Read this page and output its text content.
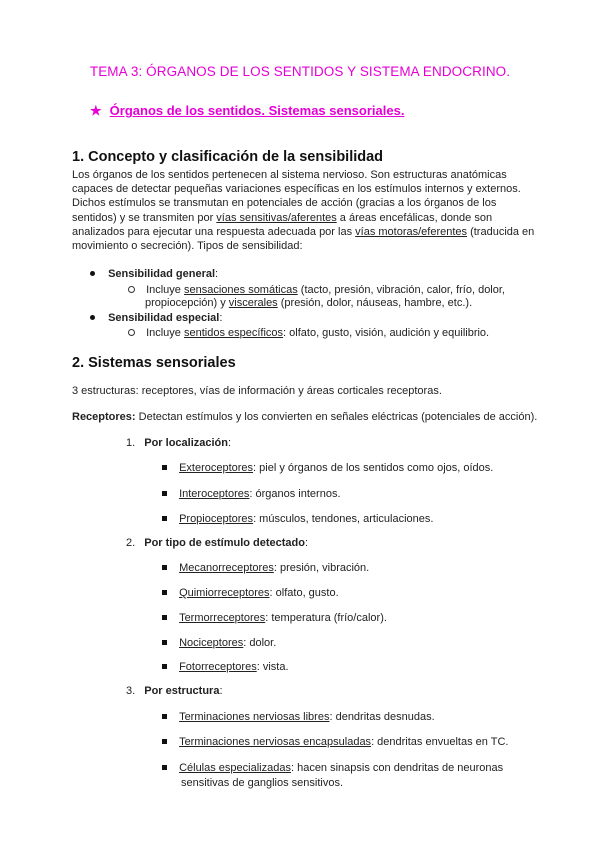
TEMA 3: ÓRGANOS DE LOS SENTIDOS Y SISTEMA ENDOCRINO.
★ Órganos de los sentidos. Sistemas sensoriales.
1. Concepto y clasificación de la sensibilidad
Los órganos de los sentidos pertenecen al sistema nervioso. Son estructuras anatómicas
capaces de detectar pequeñas variaciones específicas en los estímulos internos y externos.
Dichos estímulos se transmutan en potenciales de acción (gracias a los órganos de los
sentidos) y se transmiten por vías sensitivas/aferentes a áreas encefálicas, donde son
analizados para ejecutar una respuesta adecuada por las vías motoras/eferentes (traducida en
movimiento o secreción). Tipos de sensibilidad:
Sensibilidad general:
Incluye sensaciones somáticas (tacto, presión, vibración, calor, frío, dolor,
propiocepción) y viscerales (presión, dolor, náuseas, hambre, etc.).
Sensibilidad especial:
Incluye sentidos específicos: olfato, gusto, visión, audición y equilibrio.
2. Sistemas sensoriales
3 estructuras: receptores, vías de información y áreas corticales receptoras.
Receptores: Detectan estímulos y los convierten en señales eléctricas (potenciales de acción).
1. Por localización:
Exteroceptores: piel y órganos de los sentidos como ojos, oídos.
Interoceptores: órganos internos.
Propioceptores: músculos, tendones, articulaciones.
2. Por tipo de estímulo detectado:
Mecanorreceptores: presión, vibración.
Quimiorreceptores: olfato, gusto.
Termorreceptores: temperatura (frío/calor).
Nociceptores: dolor.
Fotorreceptores: vista.
3. Por estructura:
Terminaciones nerviosas libres: dendritas desnudas.
Terminaciones nerviosas encapsuladas: dendritas envueltas en TC.
Células especializadas: hacen sinapsis con dendritas de neuronas
sensitivas de ganglios sensitivos.
